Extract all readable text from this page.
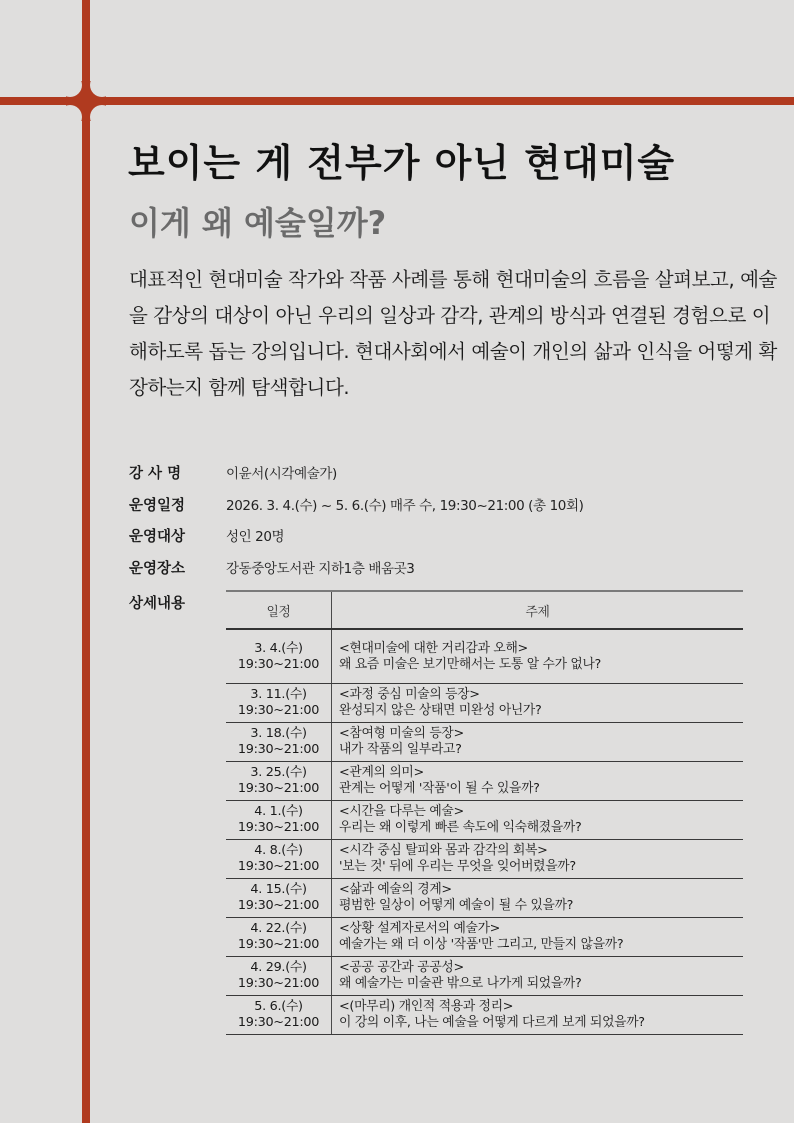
보이는 게 전부가 아닌 현대미술
이게 왜 예술일까?

대표적인 현대미술 작가와 작품 사례를 통해 현대미술의 흐름을 살펴보고, 예술을 감상의 대상이 아닌 우리의 일상과 감각, 관계의 방식과 연결된 경험으로 이해하도록 돕는 강의입니다. 현대사회에서 예술이 개인의 삶과 인식을 어떻게 확장하는지 함께 탐색합니다.

강 사 명	이윤서(시각예술가)
운영일정	2026. 3. 4.(수) ~ 5. 6.(수) 매주 수, 19:30~21:00 (총 10회)
운영대상	성인 20명
운영장소	강동중앙도서관 지하1층 배움곳3
상세내용	일정	주제

3. 4.(수)
19:30~21:00	<현대미술에 대한 거리감과 오해>
왜 요즘 미술은 보기만해서는 도통 알 수가 없나?

3. 11.(수)
19:30~21:00	<과정 중심 미술의 등장>
완성되지 않은 상태면 미완성 아닌가?

3. 18.(수)
19:30~21:00	<참여형 미술의 등장>
내가 작품의 일부라고?

3. 25.(수)
19:30~21:00	<관계의 의미>
관계는 어떻게 '작품'이 될 수 있을까?

4. 1.(수)
19:30~21:00	<시간을 다루는 예술>
우리는 왜 이렇게 빠른 속도에 익숙해졌을까?

4. 8.(수)
19:30~21:00	<시각 중심 탈피와 몸과 감각의 회복>
'보는 것' 뒤에 우리는 무엇을 잊어버렸을까?

4. 15.(수)
19:30~21:00	<삶과 예술의 경계>
평범한 일상이 어떻게 예술이 될 수 있을까?

4. 22.(수)
19:30~21:00	<상황 설계자로서의 예술가>
예술가는 왜 더 이상 '작품'만 그리고, 만들지 않을까?

4. 29.(수)
19:30~21:00	<공공 공간과 공공성>
왜 예술가는 미술관 밖으로 나가게 되었을까?

5. 6.(수)
19:30~21:00	<(마무리) 개인적 적용과 정리>
이 강의 이후, 나는 예술을 어떻게 다르게 보게 되었을까?
